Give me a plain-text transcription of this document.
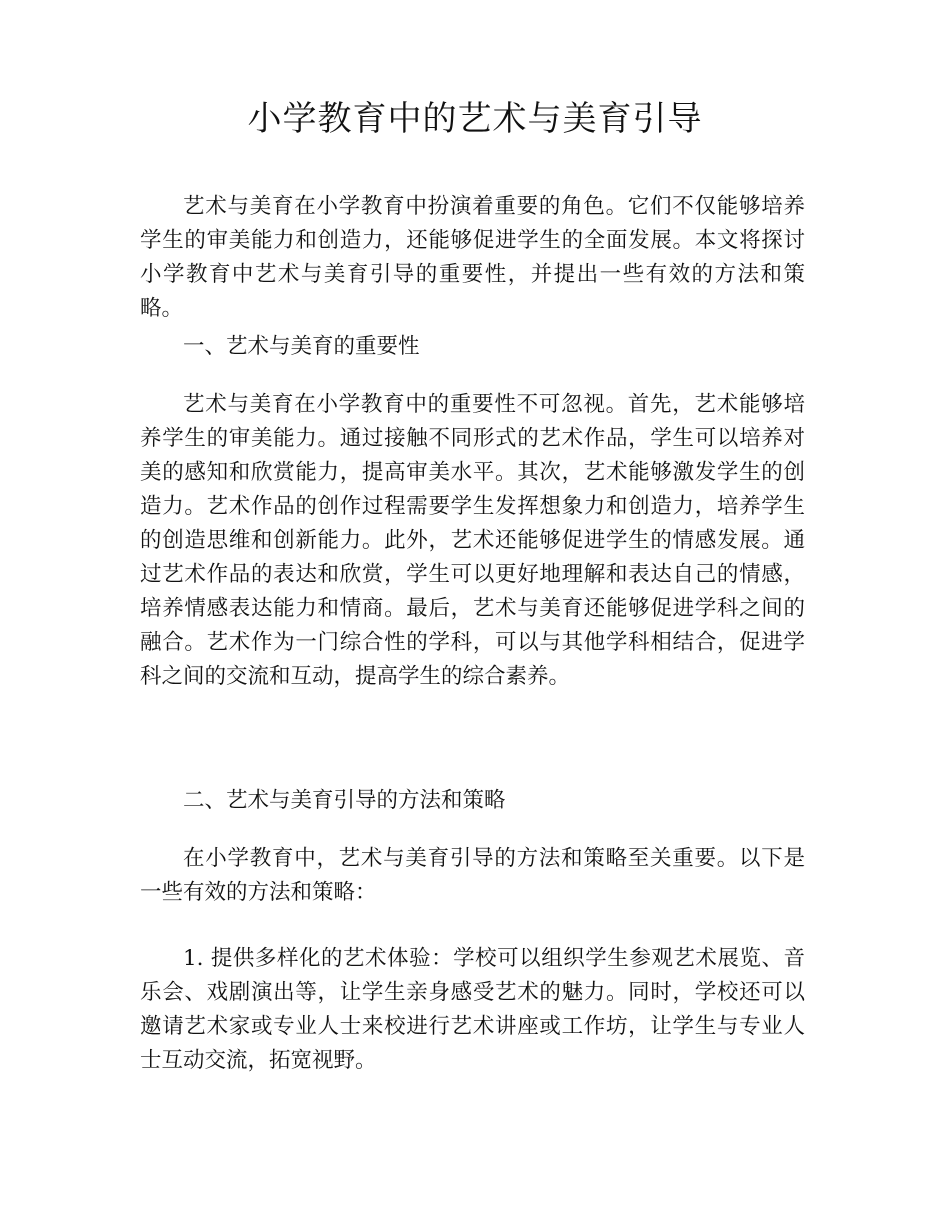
小学教育中的艺术与美育引导

艺术与美育在小学教育中扮演着重要的角色。它们不仅能够培养学生的审美能力和创造力，还能够促进学生的全面发展。本文将探讨小学教育中艺术与美育引导的重要性，并提出一些有效的方法和策略。

一、艺术与美育的重要性

艺术与美育在小学教育中的重要性不可忽视。首先，艺术能够培养学生的审美能力。通过接触不同形式的艺术作品，学生可以培养对美的感知和欣赏能力，提高审美水平。其次，艺术能够激发学生的创造力。艺术作品的创作过程需要学生发挥想象力和创造力，培养学生的创造思维和创新能力。此外，艺术还能够促进学生的情感发展。通过艺术作品的表达和欣赏，学生可以更好地理解和表达自己的情感，培养情感表达能力和情商。最后，艺术与美育还能够促进学科之间的融合。艺术作为一门综合性的学科，可以与其他学科相结合，促进学科之间的交流和互动，提高学生的综合素养。

二、艺术与美育引导的方法和策略

在小学教育中，艺术与美育引导的方法和策略至关重要。以下是一些有效的方法和策略：

1. 提供多样化的艺术体验：学校可以组织学生参观艺术展览、音乐会、戏剧演出等，让学生亲身感受艺术的魅力。同时，学校还可以邀请艺术家或专业人士来校进行艺术讲座或工作坊，让学生与专业人士互动交流，拓宽视野。
